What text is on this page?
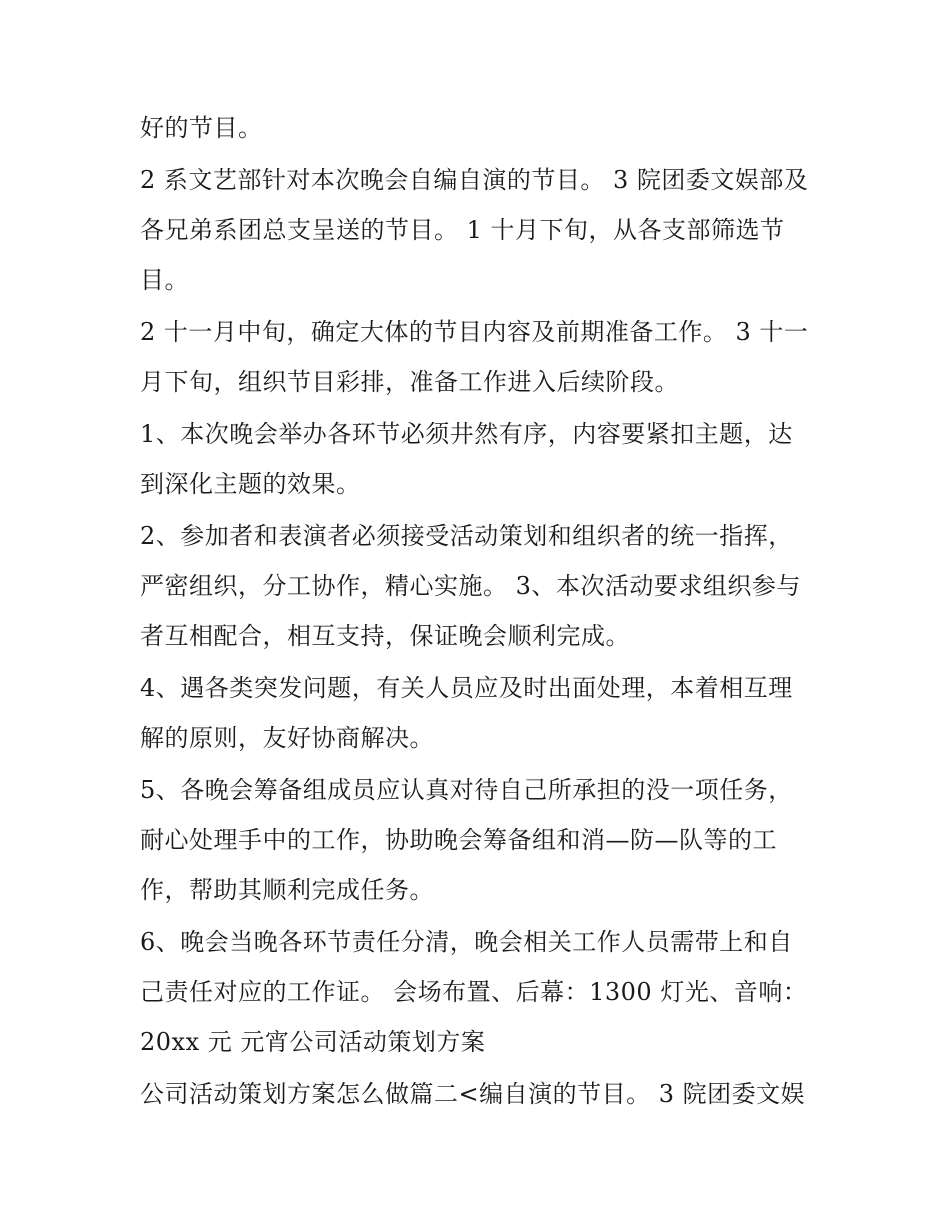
好的节目。
2 系文艺部针对本次晚会自编自演的节目。 3 院团委文娱部及
各兄弟系团总支呈送的节目。 1 十月下旬，从各支部筛选节
目。
2 十一月中旬，确定大体的节目内容及前期准备工作。 3 十一
月下旬，组织节目彩排，准备工作进入后续阶段。
1、本次晚会举办各环节必须井然有序，内容要紧扣主题，达
到深化主题的效果。
2、参加者和表演者必须接受活动策划和组织者的统一指挥，
严密组织，分工协作，精心实施。 3、本次活动要求组织参与
者互相配合，相互支持，保证晚会顺利完成。
4、遇各类突发问题，有关人员应及时出面处理，本着相互理
解的原则，友好协商解决。
5、各晚会筹备组成员应认真对待自己所承担的没一项任务，
耐心处理手中的工作，协助晚会筹备组和消—防—队等的工
作，帮助其顺利完成任务。
6、晚会当晚各环节责任分清，晚会相关工作人员需带上和自
己责任对应的工作证。 会场布置、后幕：1300 灯光、音响：
20xx 元 元宵公司活动策划方案
公司活动策划方案怎么做篇二<编自演的节目。 3 院团委文娱
